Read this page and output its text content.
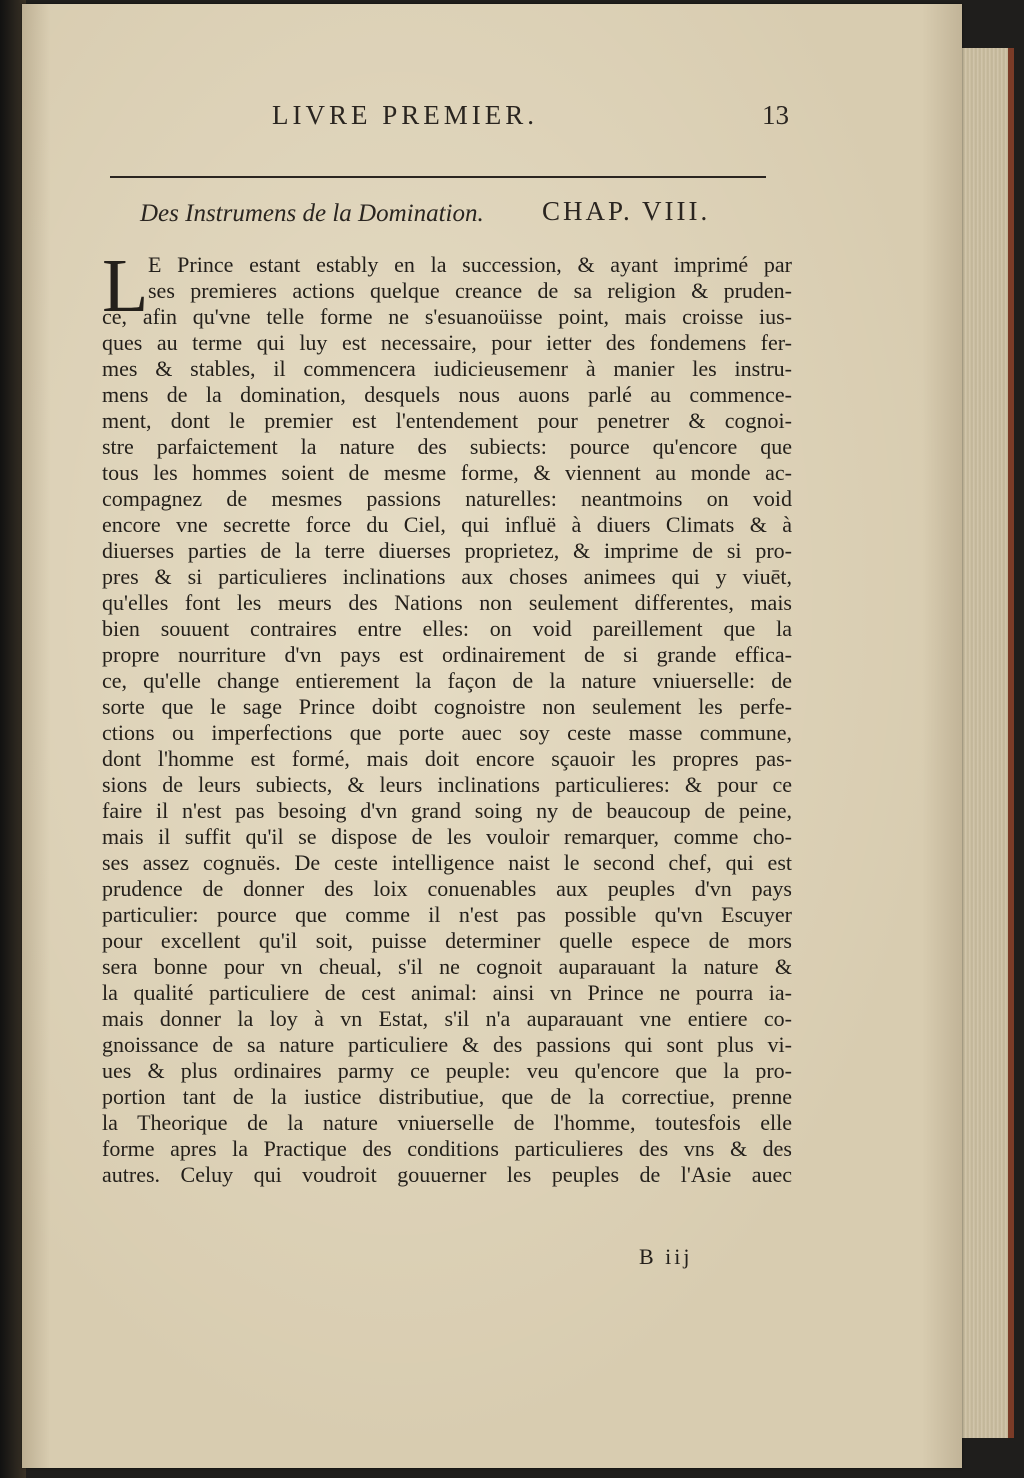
LIVRE PREMIER.	13
Des Instrumens de la Domination. CHAP. VIII.
L E Prince estant estably en la succession, & ayant imprimé par
ses premieres actions quelque creance de sa religion & pruden-
ce, afin qu'vne telle forme ne s'esuanoüisse point, mais croisse ius-
ques au terme qui luy est necessaire, pour ietter des fondemens fer-
mes & stables, il commencera iudicieusemenr à manier les instru-
mens de la domination, desquels nous auons parlé au commence-
ment, dont le premier est l'entendement pour penetrer & cognoi-
stre parfaictement la nature des subiects: pource qu'encore que
tous les hommes soient de mesme forme, & viennent au monde ac-
compagnez de mesmes passions naturelles: neantmoins on void
encore vne secrette force du Ciel, qui influë à diuers Climats & à
diuerses parties de la terre diuerses proprietez, & imprime de si pro-
pres & si particulieres inclinations aux choses animees qui y viuēt,
qu'elles font les meurs des Nations non seulement differentes, mais
bien souuent contraires entre elles: on void pareillement que la
propre nourriture d'vn pays est ordinairement de si grande effica-
ce, qu'elle change entierement la façon de la nature vniuerselle: de
sorte que le sage Prince doibt cognoistre non seulement les perfe-
ctions ou imperfections que porte auec soy ceste masse commune,
dont l'homme est formé, mais doit encore sçauoir les propres pas-
sions de leurs subiects, & leurs inclinations particulieres: & pour ce
faire il n'est pas besoing d'vn grand soing ny de beaucoup de peine,
mais il suffit qu'il se dispose de les vouloir remarquer, comme cho-
ses assez cognuës. De ceste intelligence naist le second chef, qui est
prudence de donner des loix conuenables aux peuples d'vn pays
particulier: pource que comme il n'est pas possible qu'vn Escuyer
pour excellent qu'il soit, puisse determiner quelle espece de mors
sera bonne pour vn cheual, s'il ne cognoit auparauant la nature &
la qualité particuliere de cest animal: ainsi vn Prince ne pourra ia-
mais donner la loy à vn Estat, s'il n'a auparauant vne entiere co-
gnoissance de sa nature particuliere & des passions qui sont plus vi-
ues & plus ordinaires parmy ce peuple: veu qu'encore que la pro-
portion tant de la iustice distributiue, que de la correctiue, prenne
la Theorique de la nature vniuerselle de l'homme, toutesfois elle
forme apres la Practique des conditions particulieres des vns & des
autres. Celuy qui voudroit gouuerner les peuples de l'Asie auec
B iij
